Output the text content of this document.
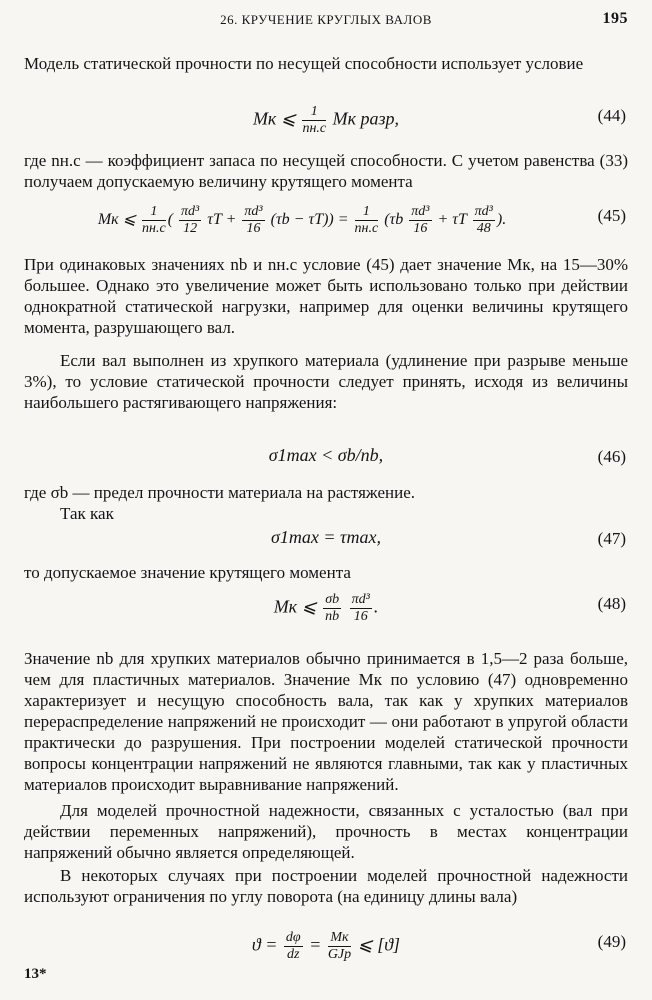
26. КРУЧЕНИЕ КРУГЛЫХ ВАЛОВ	195
Модель статической прочности по несущей способности использует условие
Mк ⩽ $\frac{1}{nн.с}$ Mк разр,	(44)
где nн.с — коэффициент запаса по несущей способности. С учетом равенства (33) получаем допускаемую величину крутящего момента
Mк ⩽ $\frac{1}{nн.с}$ ( $\frac{\text{πd³}}{12}$ $\tau T + \frac{\text{πd³}}{16} (\tau b - \tau T)) = \frac{1}{nн.с} (\tau b \frac{\text{πd³}}{16} + \tau T \frac{\text{πd³}}{48}$ ).	(45)
При одинаковых значениях nb и nн.с условие (45) дает значение Mк, на 15—30% большее. Однако это увеличение может быть использовано только при действии однократной статической нагрузки, например для оценки величины крутящего момента, разрушающего вал.
Если вал выполнен из хрупкого материала (удлинение при разрыве меньше 3%), то условие статической прочности следует принять, исходя из величины наибольшего растягивающего напряжения:
σ1max < σb/nb,	(46)
где σb — предел прочности материала на растяжение.
Так как
σ1max = τmax,	(47)
то допускаемое значение крутящего момента
Mк ⩽ $\frac{\sigma b}{nb}$
$\frac{\text{πd³}}{16}$ .	(48)
Значение nb для хрупких материалов обычно принимается в 1,5—2 раза больше, чем для пластичных материалов. Значение Mк по условию (47) одновременно характеризует и несущую способность вала, так как у хрупких материалов перераспределение напряжений не происходит — они работают в упругой области практически до разрушения. При построении моделей статической прочности вопросы концентрации напряжений не являются главными, так как у пластичных материалов происходит выравнивание напряжений.
Для моделей прочностной надежности, связанных с усталостью (вал при действии переменных напряжений), прочность в местах концентрации напряжений обычно является определяющей.
В некоторых случаях при построении моделей прочностной надежности используют ограничения по углу поворота (на единицу длины вала)
$ϑ = \frac{d\varphi}{dz} = \frac{Mк}{\text{GJp}}$ ⩽ [ϑ]	(49)
13*
